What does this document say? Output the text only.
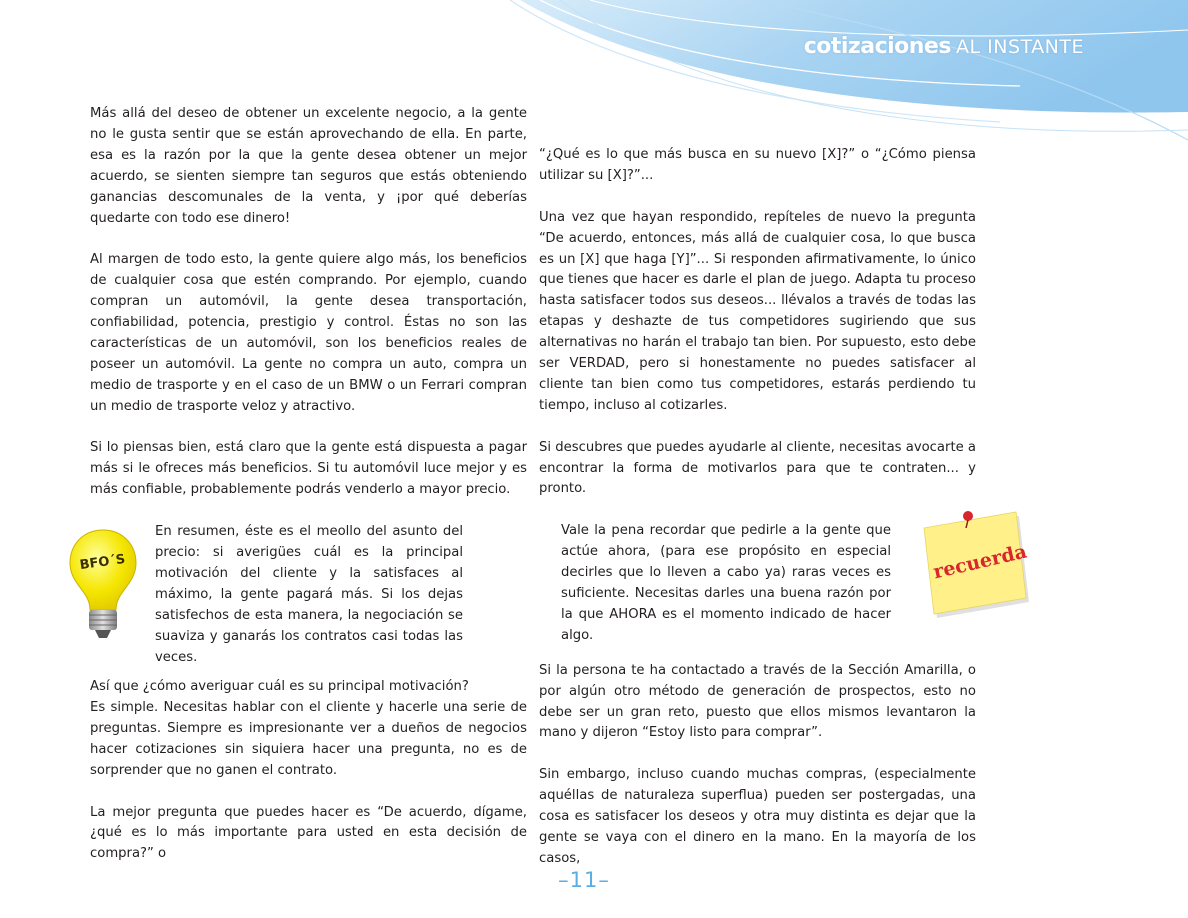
cotizaciones AL INSTANTE

Más allá del deseo de obtener un excelente negocio, a la gente no le gusta sentir que se están aprovechando de ella. En parte, esa es la razón por la que la gente desea obtener un mejor acuerdo, se sienten siempre tan seguros que estás obteniendo ganancias descomunales de la venta, y ¡por qué deberías quedarte con todo ese dinero!

Al margen de todo esto, la gente quiere algo más, los beneficios de cualquier cosa que estén comprando. Por ejemplo, cuando compran un automóvil, la gente desea transportación, confiabilidad, potencia, prestigio y control. Éstas no son las características de un automóvil, son los beneficios reales de poseer un automóvil. La gente no compra un auto, compra un medio de trasporte y en el caso de un BMW o un Ferrari compran un medio de trasporte veloz y atractivo.

Si lo piensas bien, está claro que la gente está dispuesta a pagar más si le ofreces más beneficios. Si tu automóvil luce mejor y es más confiable, probablemente podrás venderlo a mayor precio.

BFO´S
En resumen, éste es el meollo del asunto del precio: si averigües cuál es la principal motivación del cliente y la satisfaces al máximo, la gente pagará más. Si los dejas satisfechos de esta manera, la negociación se suaviza y ganarás los contratos casi todas las veces.

Así que ¿cómo averiguar cuál es su principal motivación?

Es simple. Necesitas hablar con el cliente y hacerle una serie de preguntas. Siempre es impresionante ver a dueños de negocios hacer cotizaciones sin siquiera hacer una pregunta, no es de sorprender que no ganen el contrato.

La mejor pregunta que puedes hacer es “De acuerdo, dígame, ¿qué es lo más importante para usted en esta decisión de compra?” o

“¿Qué es lo que más busca en su nuevo [X]?” o “¿Cómo piensa utilizar su [X]?”...

Una vez que hayan respondido, repíteles de nuevo la pregunta “De acuerdo, entonces, más allá de cualquier cosa, lo que busca es un [X] que haga [Y]”... Si responden afirmativamente, lo único que tienes que hacer es darle el plan de juego. Adapta tu proceso hasta satisfacer todos sus deseos... llévalos a través de todas las etapas y deshazte de tus competidores sugiriendo que sus alternativas no harán el trabajo tan bien. Por supuesto, esto debe ser VERDAD, pero si honestamente no puedes satisfacer al cliente tan bien como tus competidores, estarás perdiendo tu tiempo, incluso al cotizarles.

Si descubres que puedes ayudarle al cliente, necesitas avocarte a encontrar la forma de motivarlos para que te contraten... y pronto.

Vale la pena recordar que pedirle a la gente que actúe ahora, (para ese propósito en especial decirles que lo lleven a cabo ya) raras veces es suficiente. Necesitas darles una buena razón por la que AHORA es el momento indicado de hacer algo.

Si la persona te ha contactado a través de la Sección Amarilla, o por algún otro método de generación de prospectos, esto no debe ser un gran reto, puesto que ellos mismos levantaron la mano y dijeron “Estoy listo para comprar”.

Sin embargo, incluso cuando muchas compras, (especialmente aquéllas de naturaleza superflua) pueden ser postergadas, una cosa es satisfacer los deseos y otra muy distinta es dejar que la gente se vaya con el dinero en la mano. En la mayoría de los casos,

recuerda
–11–
